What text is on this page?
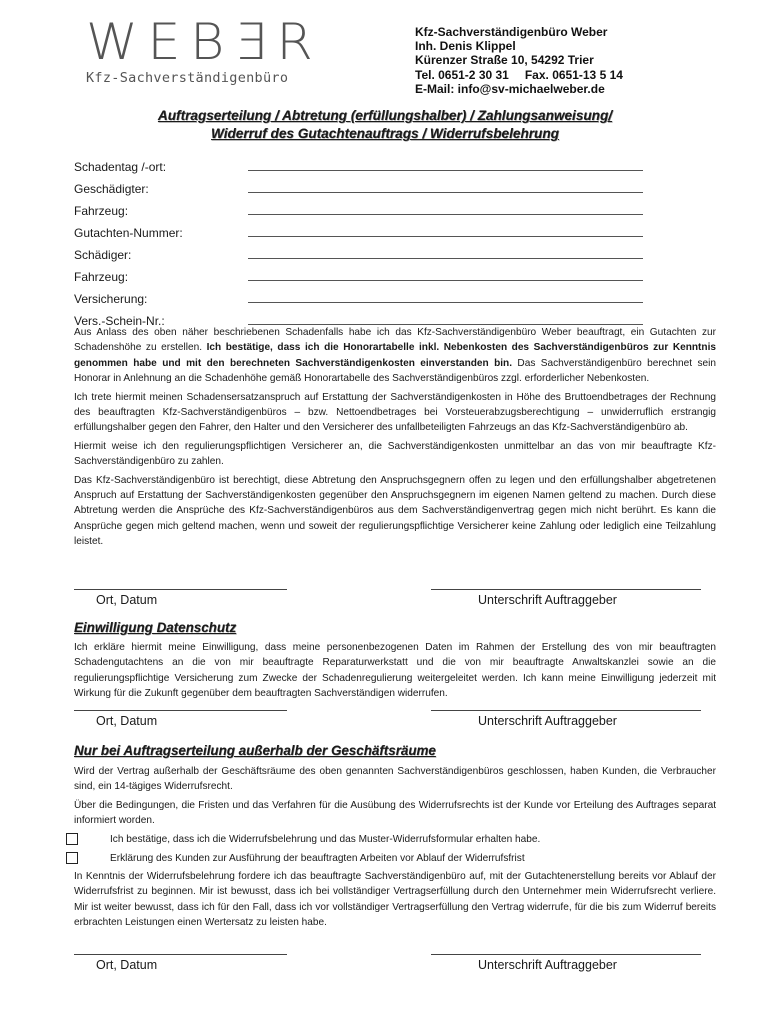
WEBƎR
Kfz-Sachverständigenbüro
Kfz-Sachverständigenbüro Weber
Inh. Denis Klippel
Kürenzer Straße 10, 54292 Trier
Tel. 0651-2 30 31 Fax. 0651-13 5 14
E-Mail: info@sv-michaelweber.de
Auftragserteilung / Abtretung (erfüllungshalber) / Zahlungsanweisung/
Widerruf des Gutachtenauftrags / Widerrufsbelehrung
Schadentag /-ort:
Geschädigter:
Fahrzeug:
Gutachten-Nummer:
Schädiger:
Fahrzeug:
Versicherung:
Vers.-Schein-Nr.:

Aus Anlass des oben näher beschriebenen Schadenfalls habe ich das Kfz-Sachverständigenbüro Weber beauftragt, ein Gutachten zur Schadenshöhe zu erstellen. Ich bestätige, dass ich die Honorartabelle inkl. Nebenkosten des Sachverständigenbüros zur Kenntnis genommen habe und mit den berechneten Sachverständigenkosten einverstanden bin. Das Sachverständigenbüro berechnet sein Honorar in Anlehnung an die Schadenhöhe gemäß Honorartabelle des Sachverständigenbüros zzgl. erforderlicher Nebenkosten.

Ich trete hiermit meinen Schadensersatzanspruch auf Erstattung der Sachverständigenkosten in Höhe des Bruttoendbetrages der Rechnung des beauftragten Kfz-Sachverständigenbüros – bzw. Nettoendbetrages bei Vorsteuerabzugsberechtigung – unwiderruflich erstrangig erfüllungshalber gegen den Fahrer, den Halter und den Versicherer des unfallbeteiligten Fahrzeugs an das Kfz-Sachverständigenbüro ab.

Hiermit weise ich den regulierungspflichtigen Versicherer an, die Sachverständigenkosten unmittelbar an das von mir beauftragte Kfz-Sachverständigenbüro zu zahlen.

Das Kfz-Sachverständigenbüro ist berechtigt, diese Abtretung den Anspruchsgegnern offen zu legen und den erfüllungshalber abgetretenen Anspruch auf Erstattung der Sachverständigenkosten gegenüber den Anspruchsgegnern im eigenen Namen geltend zu machen. Durch diese Abtretung werden die Ansprüche des Kfz-Sachverständigenbüros aus dem Sachverständigenvertrag gegen mich nicht berührt. Es kann die Ansprüche gegen mich geltend machen, wenn und soweit der regulierungspflichtige Versicherer keine Zahlung oder lediglich eine Teilzahlung leistet.

Ort, Datum	Unterschrift Auftraggeber
Einwilligung Datenschutz

Ich erkläre hiermit meine Einwilligung, dass meine personenbezogenen Daten im Rahmen der Erstellung des von mir beauftragten Schadengutachtens an die von mir beauftragte Reparaturwerkstatt und die von mir beauftragte Anwaltskanzlei sowie an die regulierungspflichtige Versicherung zum Zwecke der Schadenregulierung weitergeleitet werden. Ich kann meine Einwilligung jederzeit mit Wirkung für die Zukunft gegenüber dem beauftragten Sachverständigen widerrufen.

Ort, Datum	Unterschrift Auftraggeber
Nur bei Auftragserteilung außerhalb der Geschäftsräume

Wird der Vertrag außerhalb der Geschäftsräume des oben genannten Sachverständigenbüros geschlossen, haben Kunden, die Verbraucher sind, ein 14-tägiges Widerrufsrecht.

Über die Bedingungen, die Fristen und das Verfahren für die Ausübung des Widerrufsrechts ist der Kunde vor Erteilung des Auftrages separat informiert worden.

Ich bestätige, dass ich die Widerrufsbelehrung und das Muster-Widerrufsformular erhalten habe.
Erklärung des Kunden zur Ausführung der beauftragten Arbeiten vor Ablauf der Widerrufsfrist

In Kenntnis der Widerrufsbelehrung fordere ich das beauftragte Sachverständigenbüro auf, mit der Gutachtenerstellung bereits vor Ablauf der Widerrufsfrist zu beginnen. Mir ist bewusst, dass ich bei vollständiger Vertragserfüllung durch den Unternehmer mein Widerrufsrecht verliere. Mir ist weiter bewusst, dass ich für den Fall, dass ich vor vollständiger Vertragserfüllung den Vertrag widerrufe, für die bis zum Widerruf bereits erbrachten Leistungen einen Wertersatz zu leisten habe.

Ort, Datum	Unterschrift Auftraggeber
